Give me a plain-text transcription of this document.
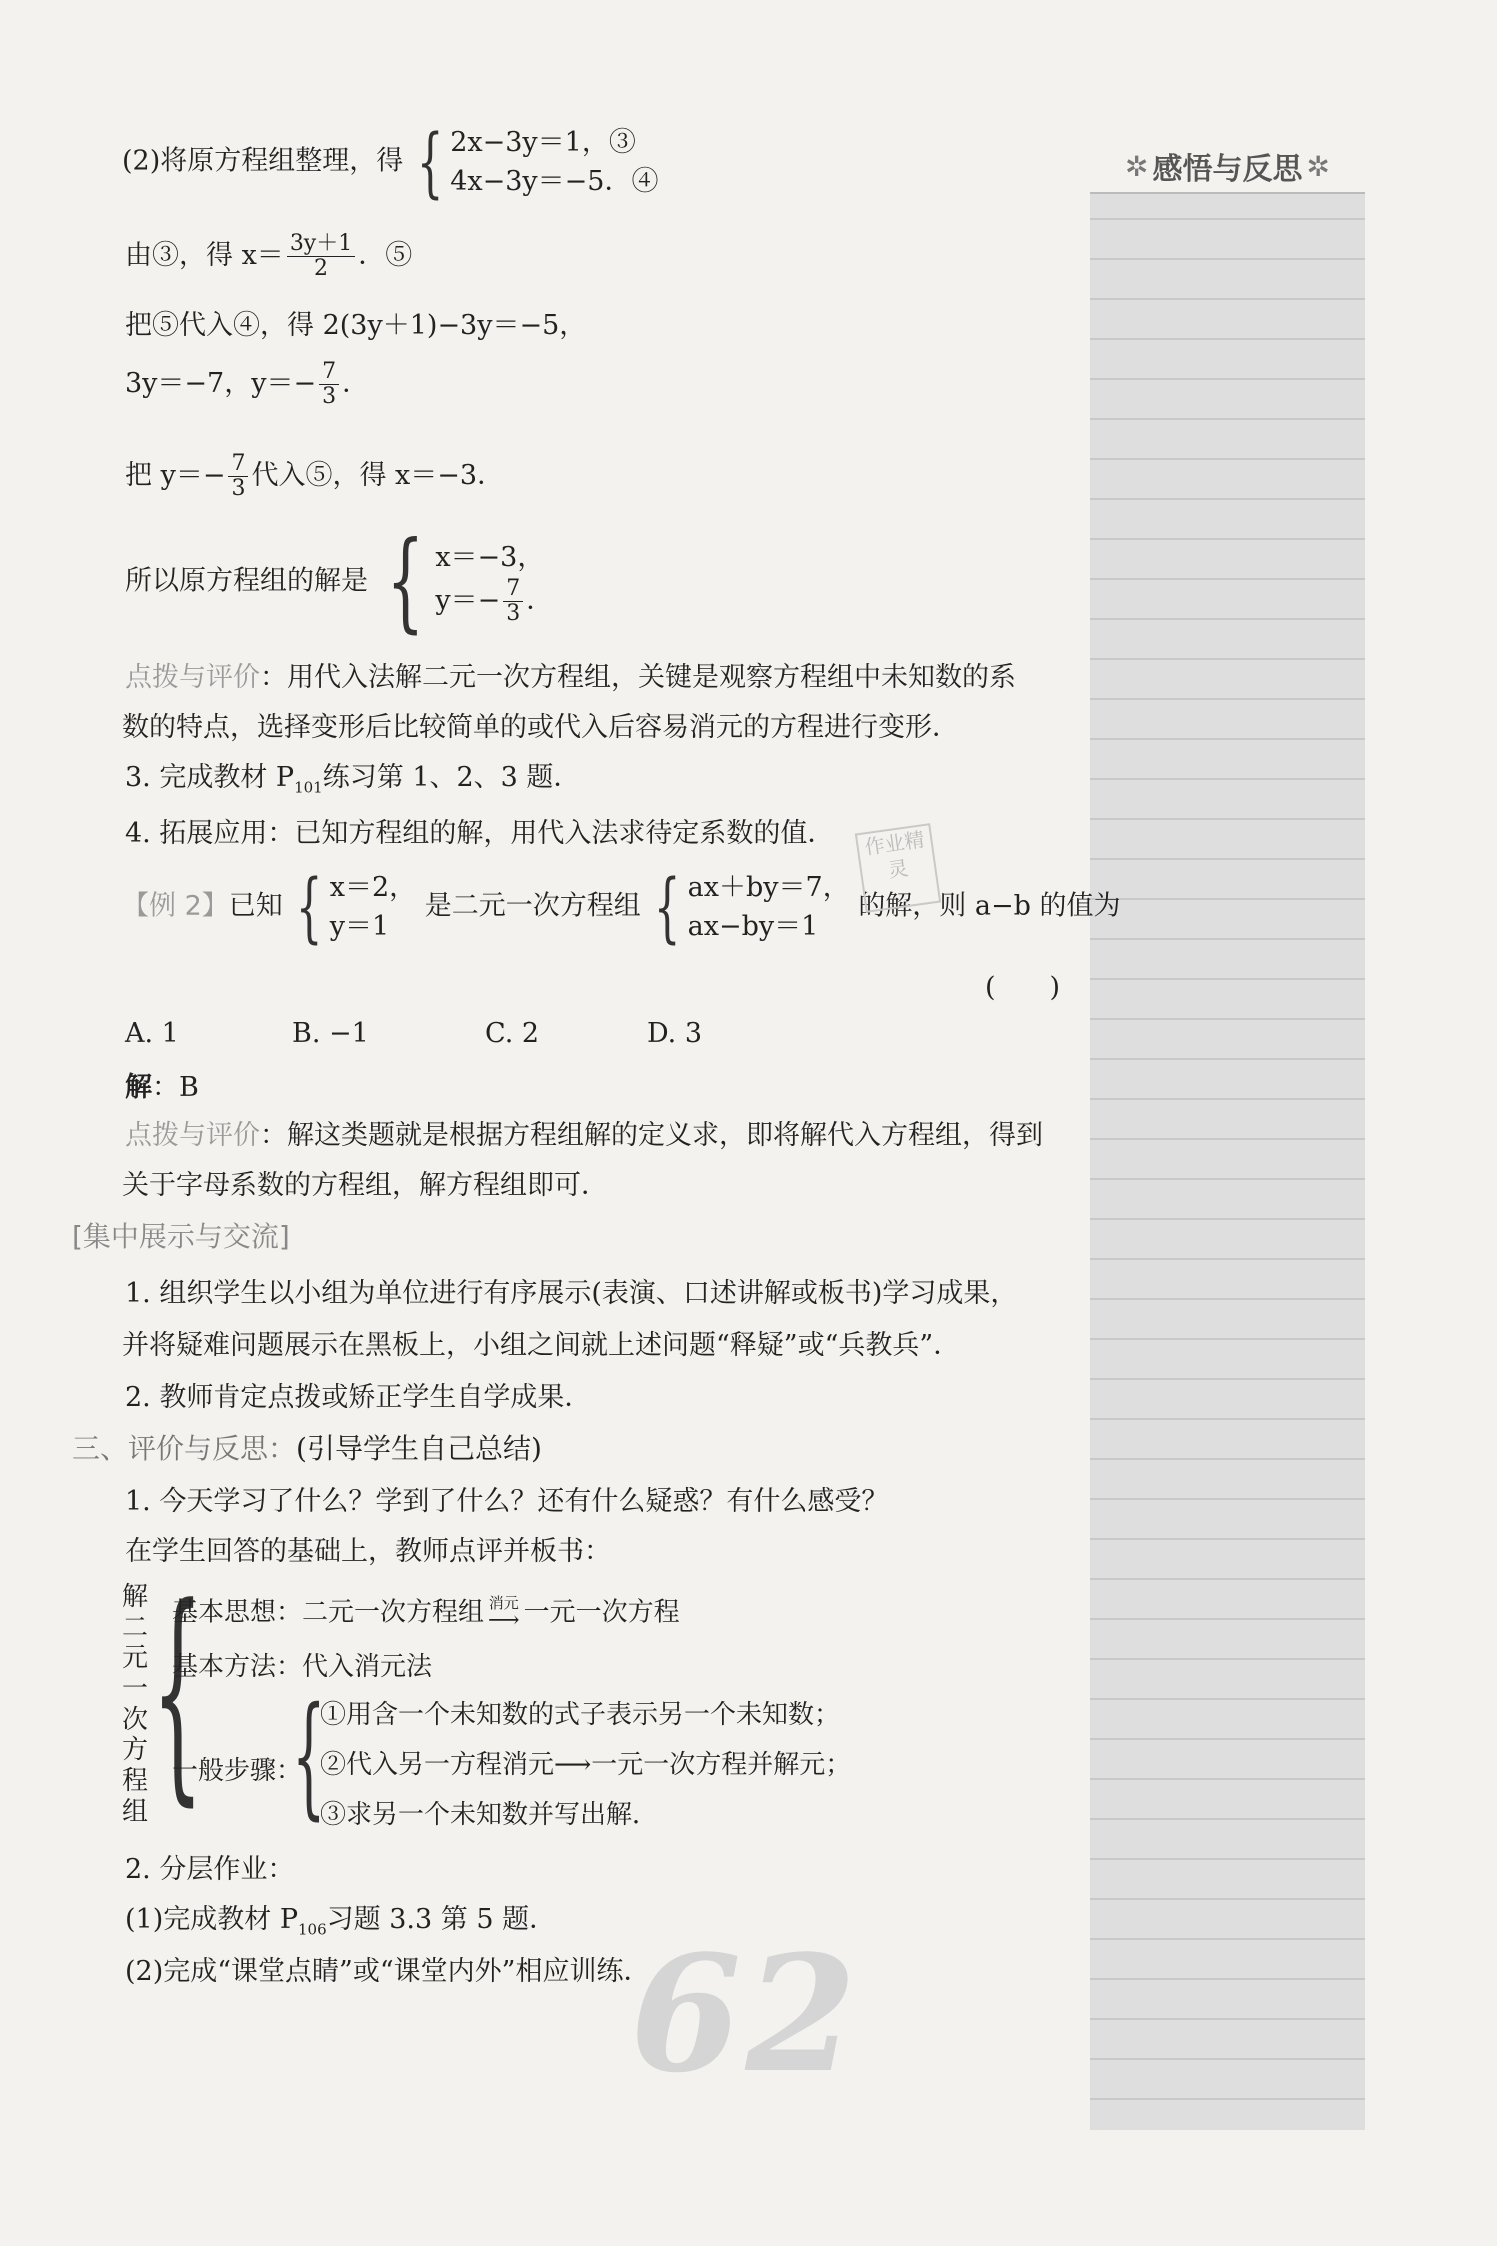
✲ 感悟与反思 ✲
(2)将原方程组整理，得 { 2x−3y＝1，③
4x−3y＝−5．④
由③，得 $x= \frac{3y+1}{2}$ ．⑤
把⑤代入④，得 2(3y＋1)−3y＝−5，
3y＝−7，$y=- \frac{7}{3}$ ．
把 $y=- \frac{7}{3}$ 代入⑤，得 x＝−3．
所以原方程组的解是 { x＝−3，
$y=- \frac{7}{3}$ ．
点拨与评价：用代入法解二元一次方程组，关键是观察方程组中未知数的系
数的特点，选择变形后比较简单的或代入后容易消元的方程进行变形．
3. 完成教材 $P_{101}$练习第 1、2、3 题．
4. 拓展应用：已知方程组的解，用代入法求待定系数的值．
【例 2】已知 { x＝2，
y＝1
是二元一次方程组 { ax＋by＝7，
ax−by＝1
的解，则 a−b 的值为
作业精灵
(　　)
A. 1	B. −1	C. 2	D. 3
解：B
点拨与评价：解这类题就是根据方程组解的定义求，即将解代入方程组，得到
关于字母系数的方程组，解方程组即可．
[集中展示与交流]
1. 组织学生以小组为单位进行有序展示(表演、口述讲解或板书)学习成果，
并将疑难问题展示在黑板上，小组之间就上述问题“释疑”或“兵教兵”．
2. 教师肯定点拨或矫正学生自学成果．
三、评价与反思：(引导学生自己总结)
1. 今天学习了什么？学到了什么？还有什么疑惑？有什么感受？
在学生回答的基础上，教师点评并板书：
解二元一次方程组 {
基本思想：二元一次方程组 消元
⟶ 一元一次方程
基本方法：代入消元法
一般步骤：
{
①用含一个未知数的式子表示另一个未知数；
②代入另一方程消元⟶一元一次方程并解元；
③求另一个未知数并写出解．
2. 分层作业：
(1)完成教材 $P_{106}$习题 3.3 第 5 题．
(2)完成“课堂点睛”或“课堂内外”相应训练．
62
